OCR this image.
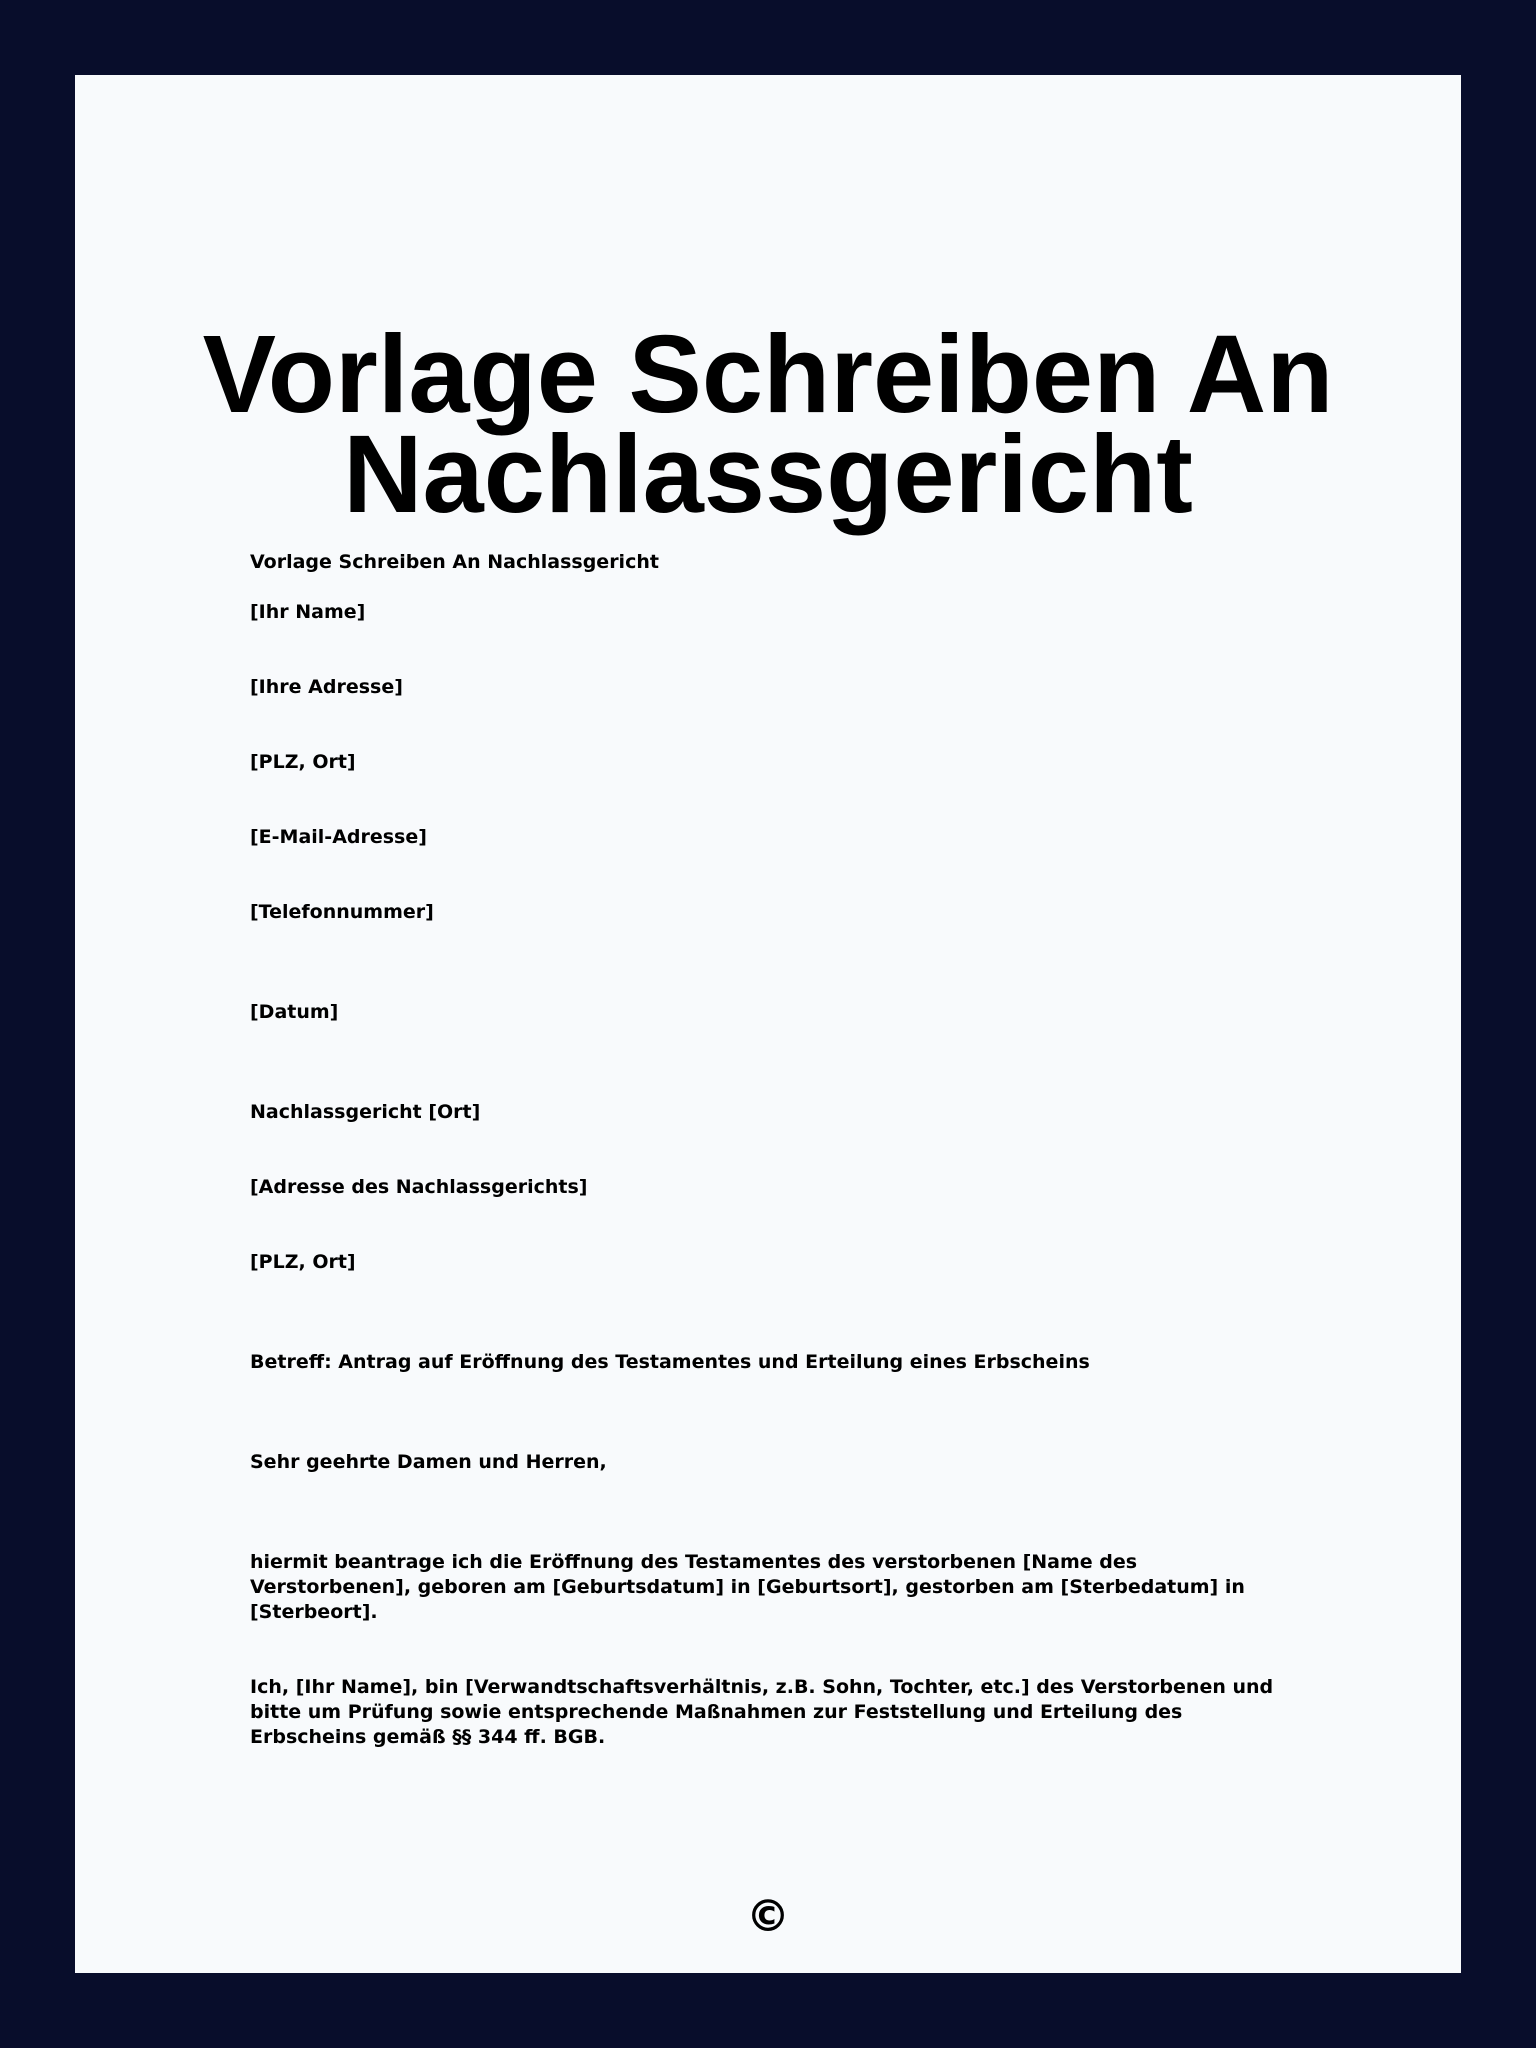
Vorlage Schreiben An Nachlassgericht

Vorlage Schreiben An Nachlassgericht

[Ihr Name]

[Ihre Adresse]

[PLZ, Ort]

[E-Mail-Adresse]

[Telefonnummer]

[Datum]

Nachlassgericht [Ort]

[Adresse des Nachlassgerichts]

[PLZ, Ort]

Betreff: Antrag auf Eröffnung des Testamentes und Erteilung eines Erbscheins

Sehr geehrte Damen und Herren,

hiermit beantrage ich die Eröffnung des Testamentes des verstorbenen [Name des Verstorbenen], geboren am [Geburtsdatum] in [Geburtsort], gestorben am [Sterbedatum] in [Sterbeort].

Ich, [Ihr Name], bin [Verwandtschaftsverhältnis, z.B. Sohn, Tochter, etc.] des Verstorbenen und bitte um Prüfung sowie entsprechende Maßnahmen zur Feststellung und Erteilung des Erbscheins gemäß §§ 344 ff. BGB.

©
